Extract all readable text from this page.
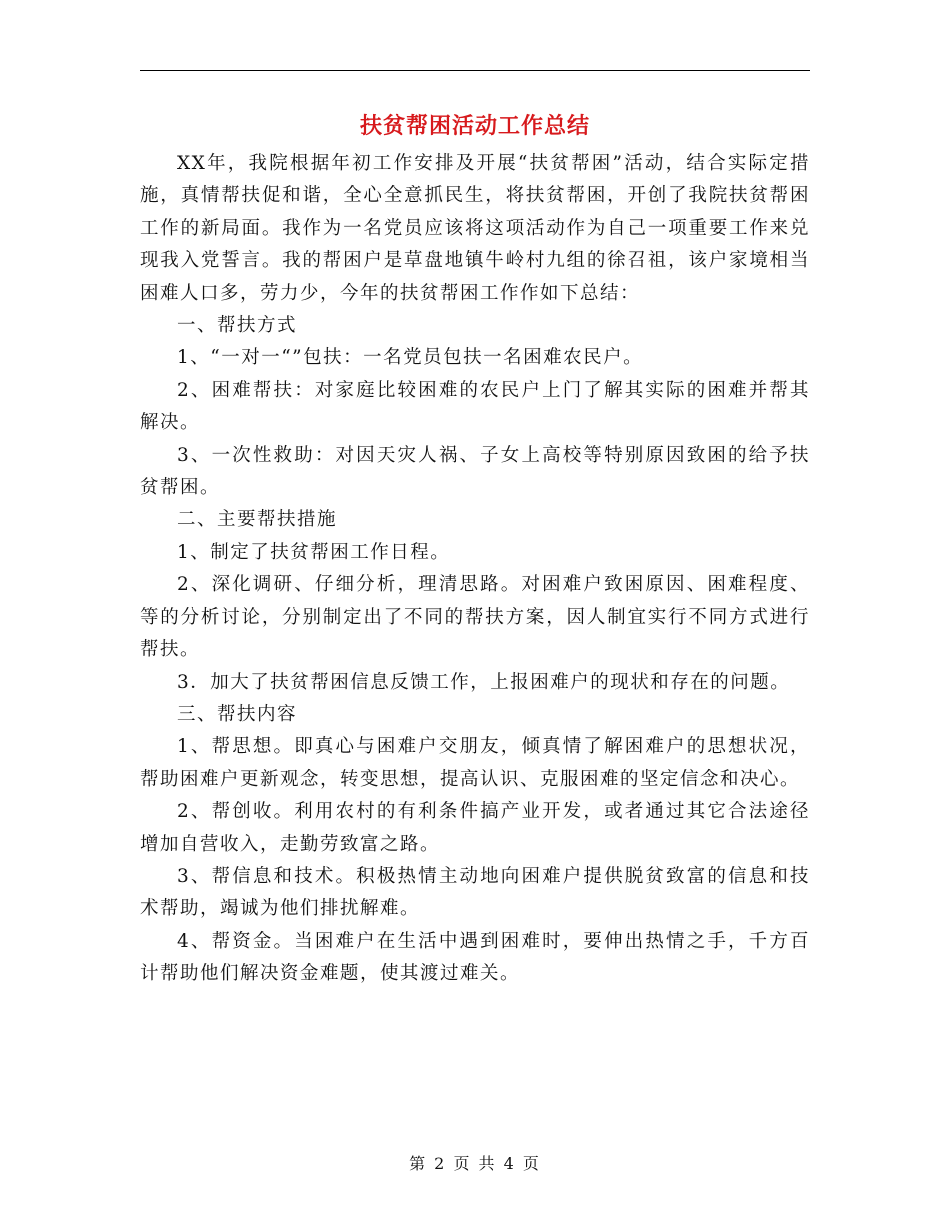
扶贫帮困活动工作总结

XX年，我院根据年初工作安排及开展“扶贫帮困”活动，结合实际定措施，真情帮扶促和谐，全心全意抓民生，将扶贫帮困，开创了我院扶贫帮困工作的新局面。我作为一名党员应该将这项活动作为自己一项重要工作来兑现我入党誓言。我的帮困户是草盘地镇牛岭村九组的徐召祖，该户家境相当困难人口多，劳力少，今年的扶贫帮困工作作如下总结：

一、帮扶方式

1、“一对一“”包扶：一名党员包扶一名困难农民户。

2、困难帮扶：对家庭比较困难的农民户上门了解其实际的困难并帮其解决。

3、一次性救助：对因天灾人祸、子女上高校等特别原因致困的给予扶贫帮困。

二、主要帮扶措施

1、制定了扶贫帮困工作日程。

2、深化调研、仔细分析，理清思路。对困难户致困原因、困难程度、等的分析讨论，分别制定出了不同的帮扶方案，因人制宜实行不同方式进行帮扶。

3．加大了扶贫帮困信息反馈工作，上报困难户的现状和存在的问题。

三、帮扶内容

1、帮思想。即真心与困难户交朋友，倾真情了解困难户的思想状况，帮助困难户更新观念，转变思想，提高认识、克服困难的坚定信念和决心。

2、帮创收。利用农村的有利条件搞产业开发，或者通过其它合法途径增加自营收入，走勤劳致富之路。

3、帮信息和技术。积极热情主动地向困难户提供脱贫致富的信息和技术帮助，竭诚为他们排扰解难。

4、帮资金。当困难户在生活中遇到困难时，要伸出热情之手，千方百计帮助他们解决资金难题，使其渡过难关。

第 2 页 共 4 页
